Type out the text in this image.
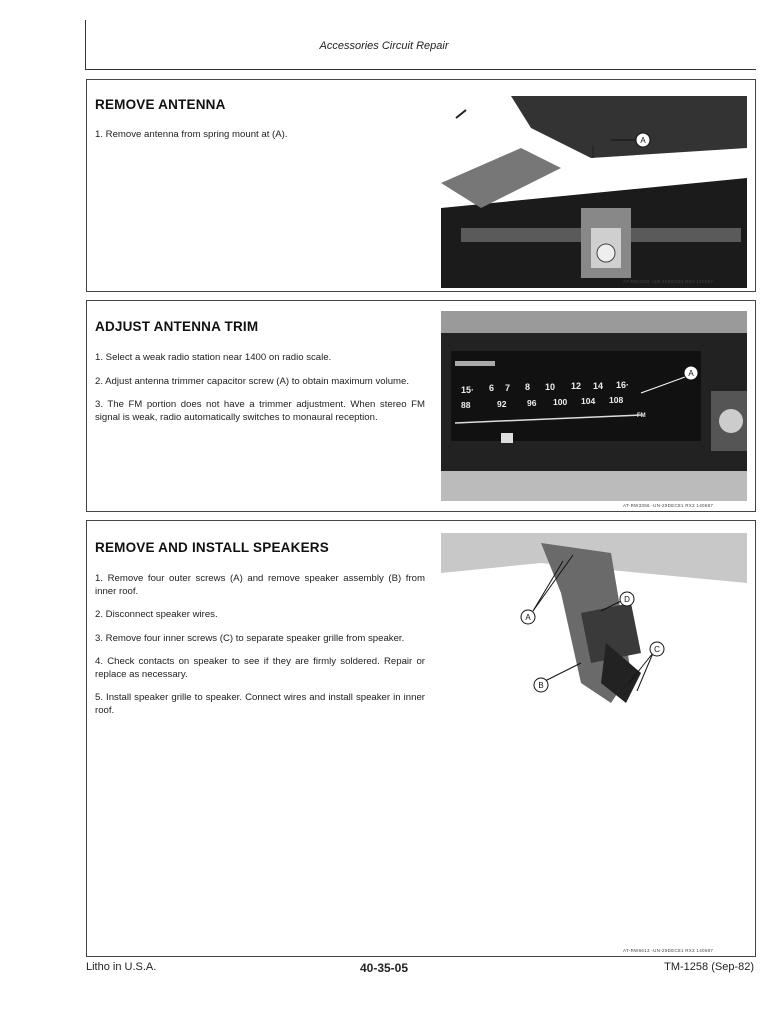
Accessories Circuit Repair
REMOVE ANTENNA

1. Remove antenna from spring mount at (A).

A
AT-RW3352 -UN-29DEC81 RX3 140687
ADJUST ANTENNA TRIM

1. Select a weak radio station near 1400 on radio scale.

2. Adjust antenna trimmer capacitor screw (A) to obtain maximum volume.

3. The FM portion does not have a trimmer adjustment. When stereo FM signal is weak, radio automatically switches to monaural reception.

15· 6 7 8 10 12 14 16·
88	92 96 100 104 108
FM
A
AT-RW3356 -UN-29DEC81 RX3 140687
REMOVE AND INSTALL SPEAKERS

1. Remove four outer screws (A) and remove speaker assembly (B) from inner roof.

2. Disconnect speaker wires.

3. Remove four inner screws (C) to separate speaker grille from speaker.

4. Check contacts on speaker to see if they are firmly soldered. Repair or replace as necessary.

5. Install speaker grille to speaker. Connect wires and install speaker in inner roof.

A
B
C
D
AT-RW6613 -UN-29DEC81 RX3 140687
Litho in U.S.A.	40-35-05	TM-1258 (Sep-82)
